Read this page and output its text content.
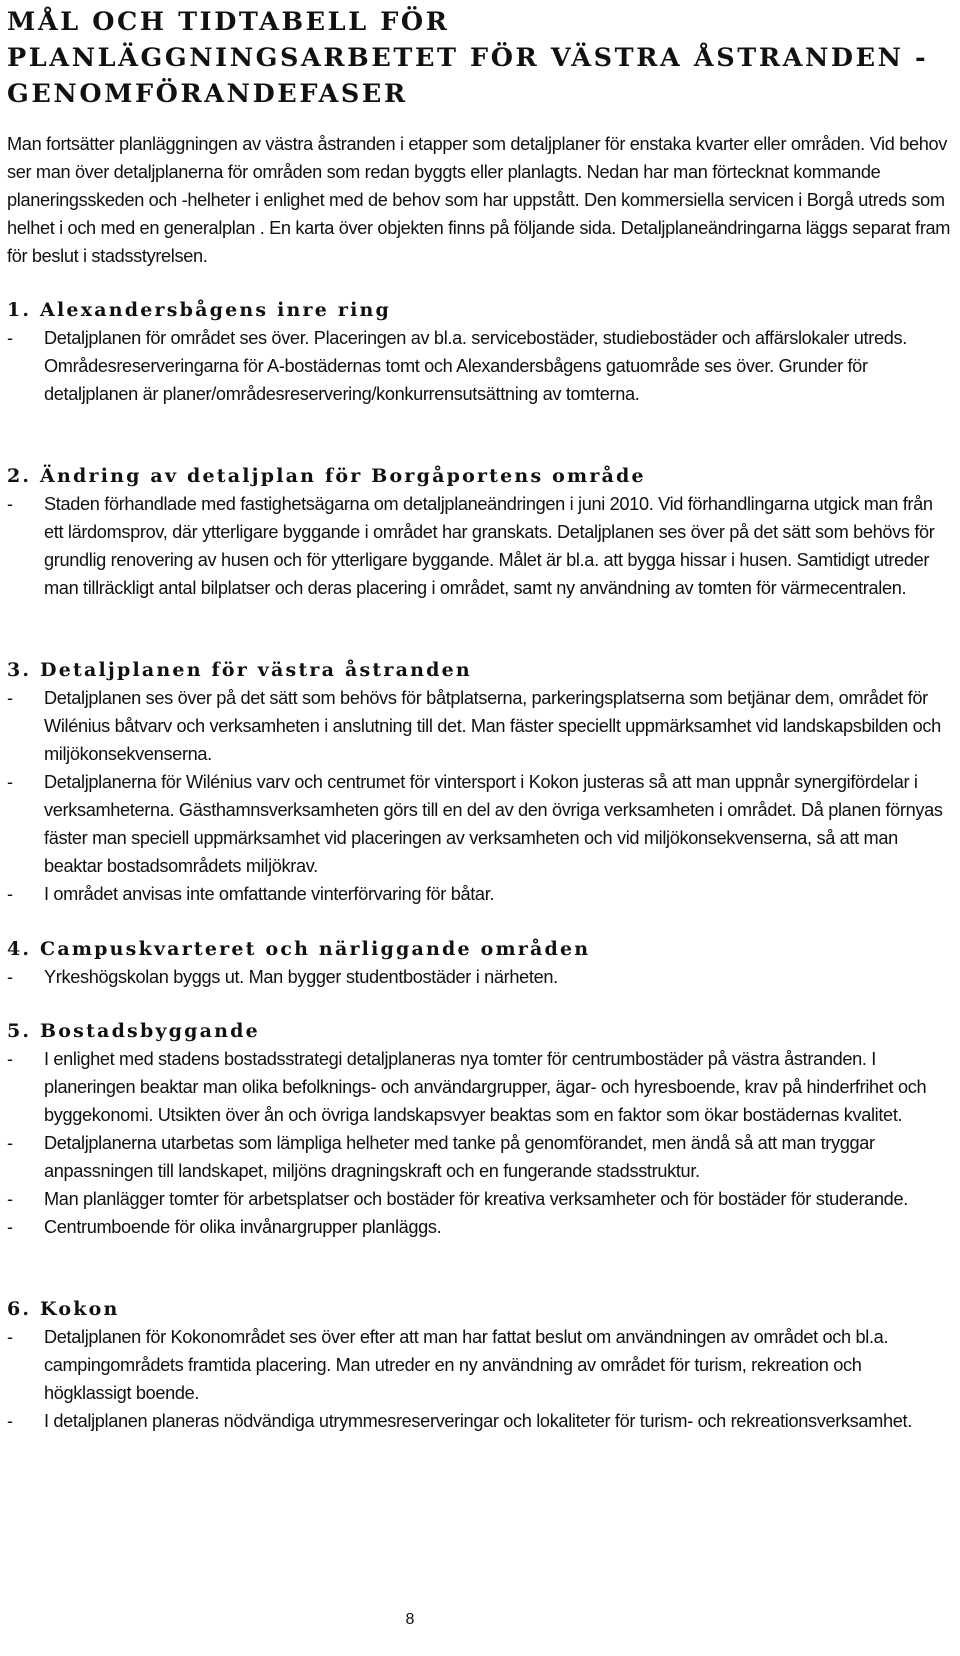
MÅL OCH TIDTABELL FÖR
PLANLÄGGNINGSARBETET FÖR VÄSTRA ÅSTRANDEN -
GENOMFÖRANDEFASER

Man fortsätter planläggningen av västra åstranden i etapper som detaljplaner för enstaka kvarter eller områden. Vid behov ser man över detaljplanerna för områden som redan byggts eller planlagts. Nedan har man förtecknat kommande planeringsskeden och -helheter i enlighet med de behov som har uppstått. Den kommersiella servicen i Borgå utreds som helhet i och med en generalplan . En karta över objekten finns på följande sida. Detaljplaneändringarna läggs separat fram för beslut i stadsstyrelsen.

1. Alexandersbågens inre ring
- Detaljplanen för området ses över. Placeringen av bl.a. servicebostäder, studiebostäder och affärslokaler utreds. Områdesreserveringarna för A-bostädernas tomt och Alexandersbågens gatuområde ses över. Grunder för detaljplanen är planer/områdesreservering/konkurrensutsättning av tomterna.
2. Ändring av detaljplan för Borgåportens område
- Staden förhandlade med fastighetsägarna om detaljplaneändringen i juni 2010. Vid förhandlingarna utgick man från ett lärdomsprov, där ytterligare byggande i området har granskats. Detaljplanen ses över på det sätt som behövs för grundlig renovering av husen och för ytterligare byggande. Målet är bl.a. att bygga hissar i husen. Samtidigt utreder man tillräckligt antal bilplatser och deras placering i området, samt ny användning av tomten för värmecentralen.
3. Detaljplanen för västra åstranden
- Detaljplanen ses över på det sätt som behövs för båtplatserna, parkeringsplatserna som betjänar dem, området för Wilénius båtvarv och verksamheten i anslutning till det. Man fäster speciellt uppmärksamhet vid landskapsbilden och miljökonsekvenserna.
- Detaljplanerna för Wilénius varv och centrumet för vintersport i Kokon justeras så att man uppnår synergifördelar i verksamheterna. Gästhamnsverksamheten görs till en del av den övriga verksamheten i området. Då planen förnyas fäster man speciell uppmärksamhet vid placeringen av verksamheten och vid miljökonsekvenserna, så att man beaktar bostadsområdets miljökrav.
- I området anvisas inte omfattande vinterförvaring för båtar.
4. Campuskvarteret och närliggande områden
- Yrkeshögskolan byggs ut. Man bygger studentbostäder i närheten.
5. Bostadsbyggande
- I enlighet med stadens bostadsstrategi detaljplaneras nya tomter för centrumbostäder på västra åstranden. I planeringen beaktar man olika befolknings- och användargrupper, ägar- och hyresboende, krav på hinderfrihet och byggekonomi. Utsikten över ån och övriga landskapsvyer beaktas som en faktor som ökar bostädernas kvalitet.
- Detaljplanerna utarbetas som lämpliga helheter med tanke på genomförandet, men ändå så att man tryggar anpassningen till landskapet, miljöns dragningskraft och en fungerande stadsstruktur.
- Man planlägger tomter för arbetsplatser och bostäder för kreativa verksamheter och för bostäder för studerande.
- Centrumboende för olika invånargrupper planläggs.
6. Kokon
- Detaljplanen för Kokonområdet ses över efter att man har fattat beslut om användningen av området och bl.a. campingområdets framtida placering. Man utreder en ny användning av området för turism, rekreation och högklassigt boende.
- I detaljplanen planeras nödvändiga utrymmesreserveringar och lokaliteter för turism- och rekreationsverksamhet.
8
